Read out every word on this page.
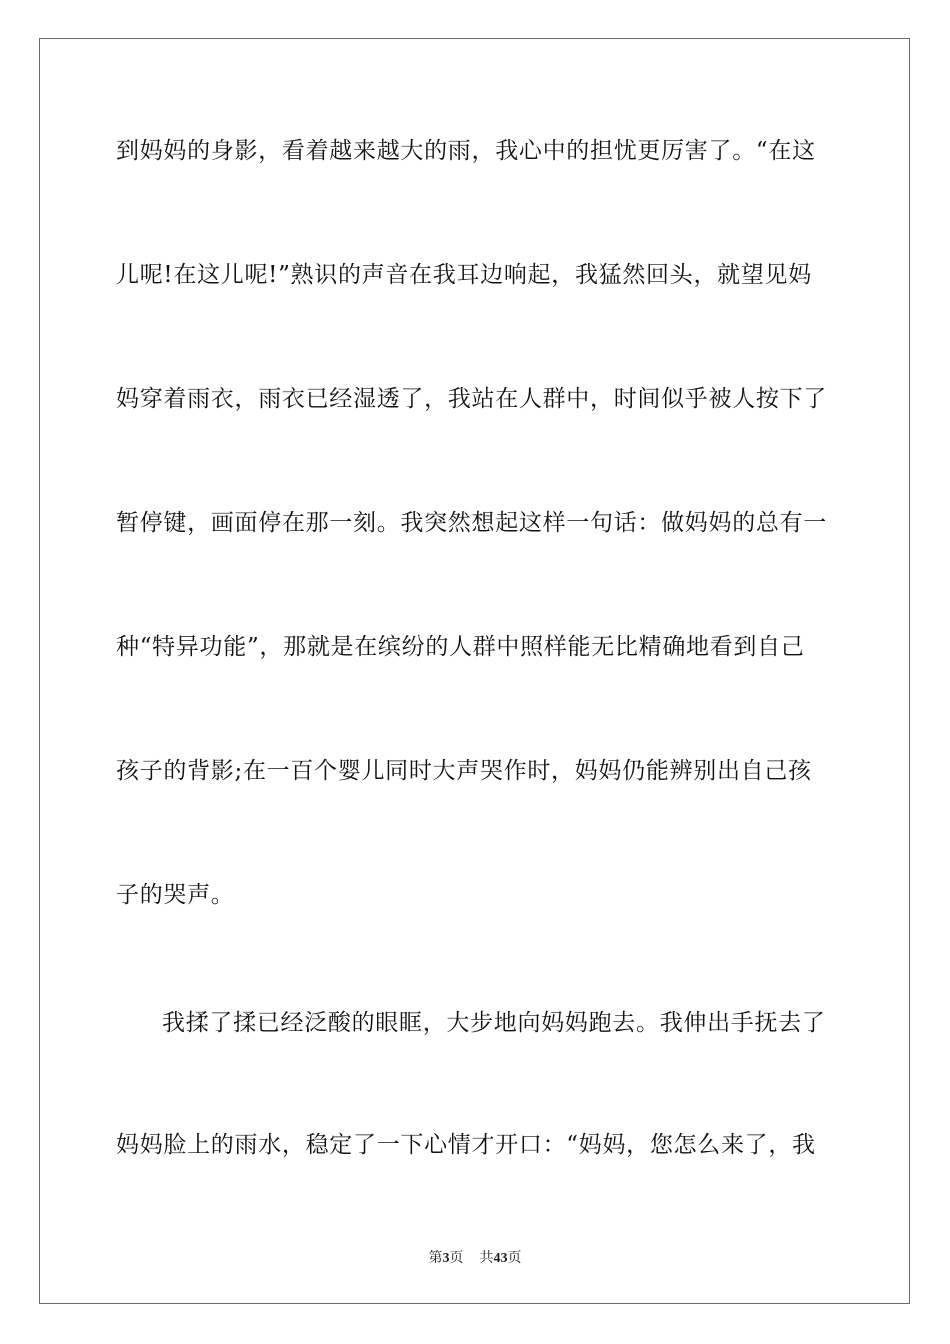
到妈妈的身影，看着越来越大的雨，我心中的担忧更厉害了。“在这
儿呢!在这儿呢!”熟识的声音在我耳边响起，我猛然回头，就望见妈
妈穿着雨衣，雨衣已经湿透了，我站在人群中，时间似乎被人按下了
暂停键，画面停在那一刻。我突然想起这样一句话：做妈妈的总有一
种“特异功能”，那就是在缤纷的人群中照样能无比精确地看到自己
孩子的背影;在一百个婴儿同时大声哭作时，妈妈仍能辨别出自己孩
子的哭声。
我揉了揉已经泛酸的眼眶，大步地向妈妈跑去。我伸出手抚去了
妈妈脸上的雨水，稳定了一下心情才开口：“妈妈，您怎么来了，我
第3页 共43页
